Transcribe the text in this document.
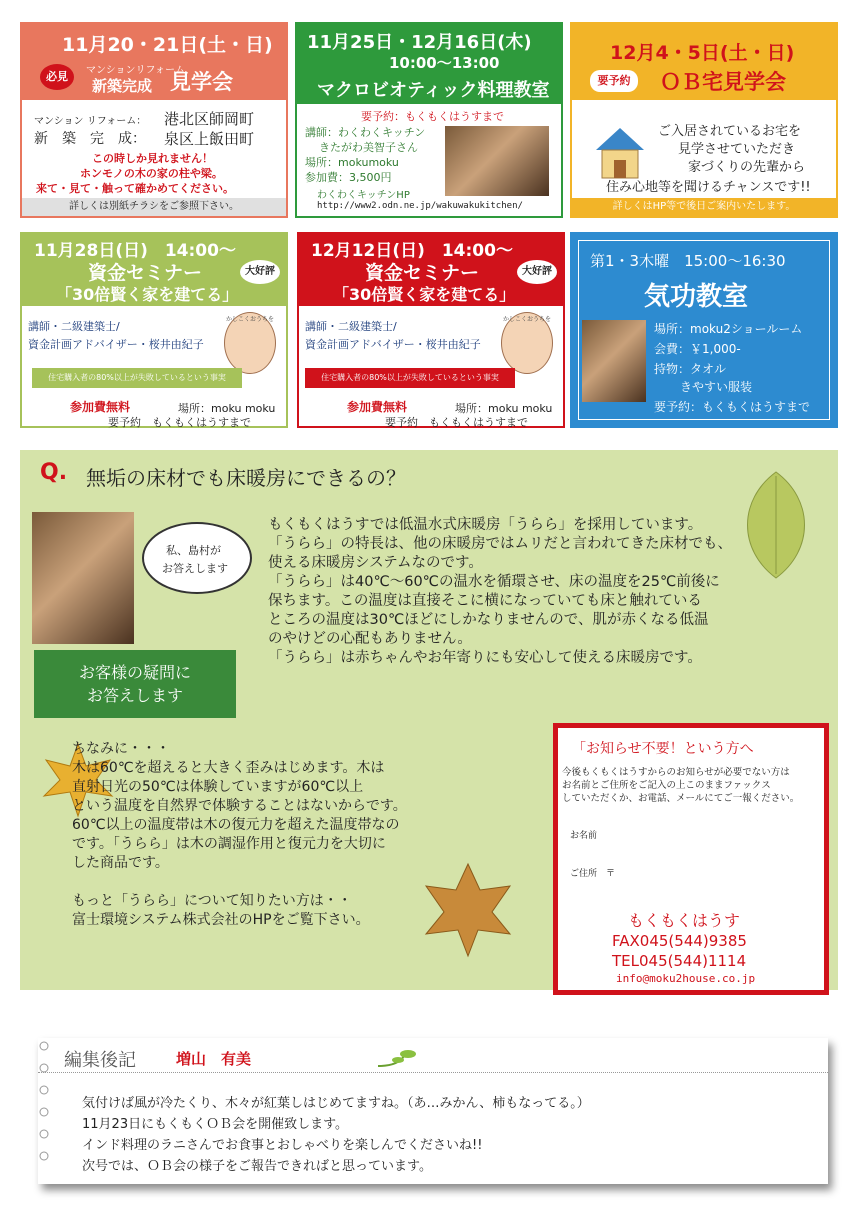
11月20・21日(土・日)
必見	マンションリフォーム
新築完成 見学会
マンション リフォーム： 港北区師岡町
新　築　完　成： 泉区上飯田町
この時しか見れません！
ホンモノの木の家の柱や梁。
来て・見て・触って確かめてください。
詳しくは別紙チラシをご参照下さい。
11月25日・12月16日(木)
10:00～13:00
マクロビオティック料理教室
要予約：もくもくはうすまで
講師：わくわくキッチン
きたがわ美智子さん
場所：mokumoku
参加費：3,500円
わくわくキッチンHP
http://www2.odn.ne.jp/wakuwakukitchen/
12月4・5日(土・日)
要予約	ＯＢ宅見学会
ご入居されているお宅を
見学させていただき
家づくりの先輩から
住み心地等を聞けるチャンスです!!
詳しくはHP等で後日ご案内いたします。
11月28日(日)　14:00～
資金セミナー
「30倍賢く家を建てる」
大好評
講師・二級建築士/
資金計画アドバイザー・桜井由紀子
かしこくおうちを
住宅購入者の80%以上が失敗しているという事実
参加費無料	場所：moku moku
要予約　もくもくはうすまで
12月12日(日)　14:00～
資金セミナー
「30倍賢く家を建てる」
大好評
講師・二級建築士/
資金計画アドバイザー・桜井由紀子
かしこくおうちを
住宅購入者の80%以上が失敗しているという事実
参加費無料	場所：moku moku
要予約　もくもくはうすまで
第1・3木曜　15:00～16:30
気功教室
場所：moku2ショールーム
会費：￥1,000-
持物：タオル
きやすい服装
要予約：もくもくはうすまで
Q. 無垢の床材でも床暖房にできるの？
私、島村が
お答えします
お客様の疑問に
お答えします
もくもくはうすでは低温水式床暖房「うらら」を採用しています。
「うらら」の特長は、他の床暖房ではムリだと言われてきた床材でも、
使える床暖房システムなのです。
「うらら」は40℃～60℃の温水を循環させ、床の温度を25℃前後に
保ちます。この温度は直接そこに横になっていても床と触れている
ところの温度は30℃ほどにしかなりませんので、肌が赤くなる低温
のやけどの心配もありません。
「うらら」は赤ちゃんやお年寄りにも安心して使える床暖房です。
ちなみに・・・
木は60℃を超えると大きく歪みはじめます。木は
直射日光の50℃は体験していますが60℃以上
という温度を自然界で体験することはないからです。
60℃以上の温度帯は木の復元力を超えた温度帯なの
です。「うらら」は木の調湿作用と復元力を大切に
した商品です。
もっと「うらら」について知りたい方は・・
富士環境システム株式会社のHPをご覧下さい。
「お知らせ不要！という方へ
今後もくもくはうすからのお知らせが必要でない方は
お名前とご住所をご記入の上このままファックス
していただくか、お電話、メールにてご一報ください。
お名前
ご住所　〒
もくもくはうす
FAX045(544)9385
TEL045(544)1114
info@moku2house.co.jp
編集後記	増山　有美
気付けば風が冷たくり、木々が紅葉しはじめてますね。（あ…みかん、柿もなってる。）
11月23日にもくもくＯＢ会を開催致します。
インド料理のラニさんでお食事とおしゃべりを楽しんでくださいね!!
次号では、ＯＢ会の様子をご報告できればと思っています。
